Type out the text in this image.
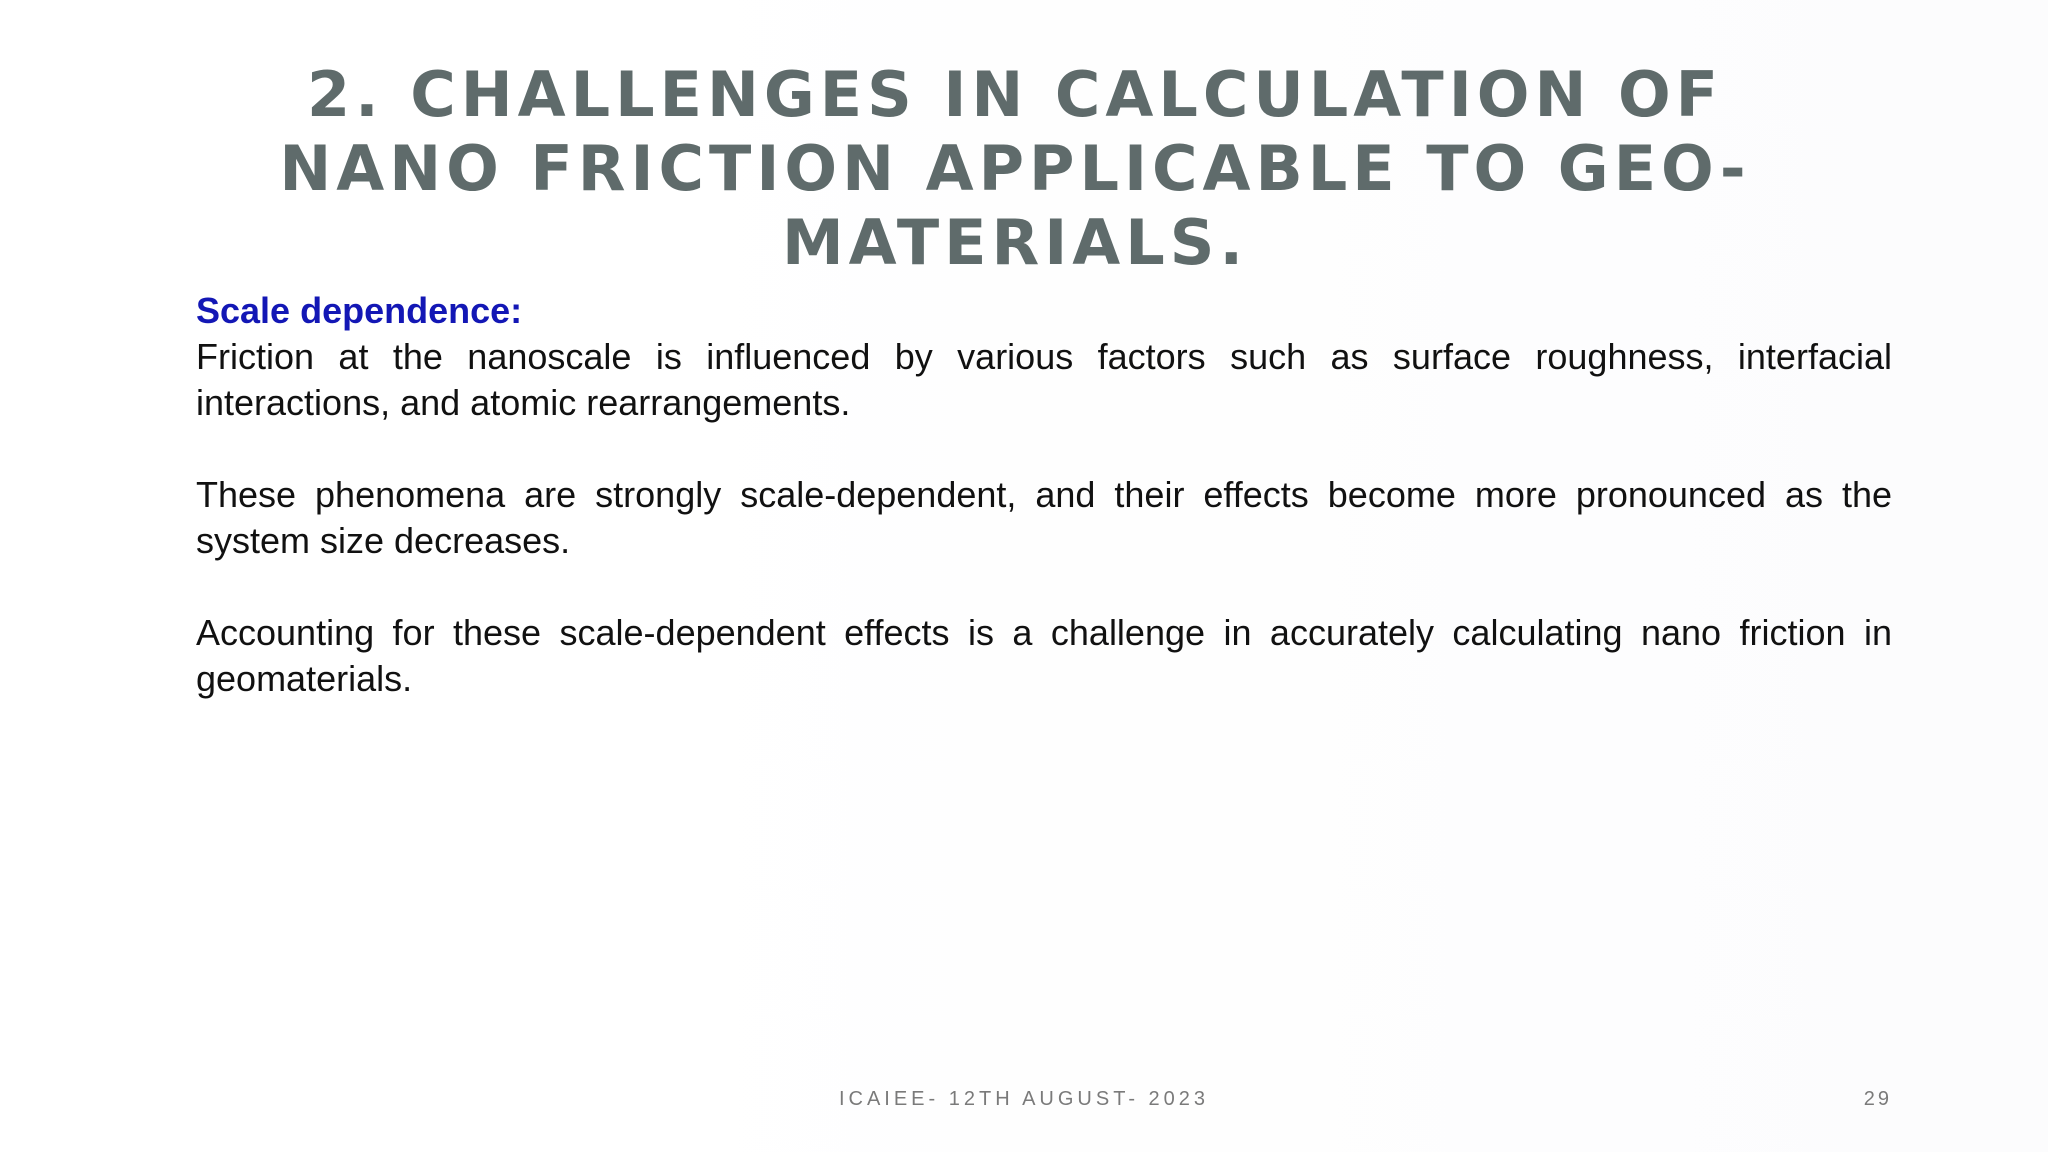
2. CHALLENGES IN CALCULATION OF NANO FRICTION APPLICABLE TO GEO-MATERIALS.

Scale dependence:

Friction at the nanoscale is influenced by various factors such as surface roughness, interfacial interactions, and atomic rearrangements.

These phenomena are strongly scale-dependent, and their effects become more pronounced as the system size decreases.

Accounting for these scale-dependent effects is a challenge in accurately calculating nano friction in geomaterials.

ICAIEE- 12TH AUGUST- 2023	29
